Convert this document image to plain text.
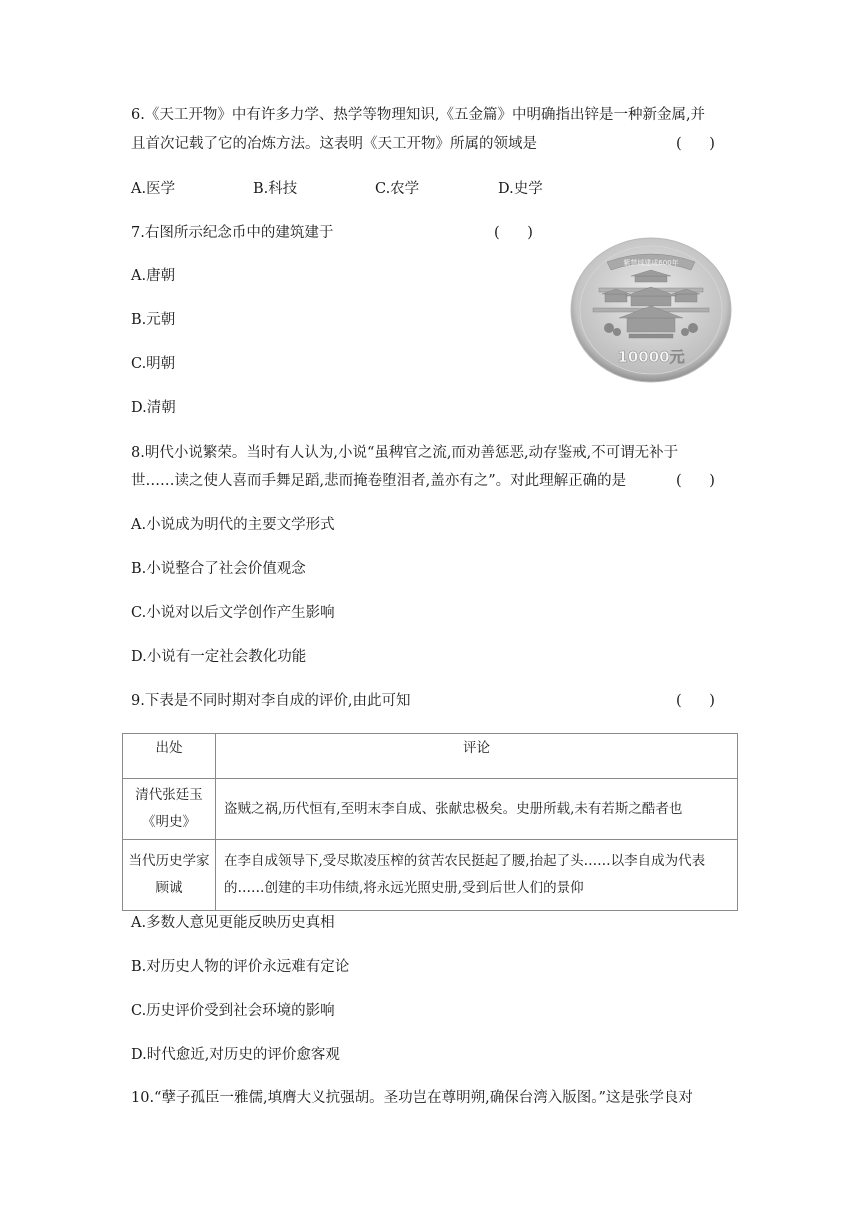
6.《天工开物》中有许多力学、热学等物理知识,《五金篇》中明确指出锌是一种新金属,并
且首次记载了它的冶炼方法。这表明《天工开物》所属的领域是	(      )
A.医学	B.科技	C.农学	D.史学
7.右图所示纪念币中的建筑建于	(      )
A.唐朝
B.元朝
C.明朝
D.清朝
紫禁城建成600年
10000元
8.明代小说繁荣。当时有人认为,小说“虽稗官之流,而劝善惩恶,动存鉴戒,不可谓无补于
世……读之使人喜而手舞足蹈,悲而掩卷堕泪者,盖亦有之”。对此理解正确的是	(      )
A.小说成为明代的主要文学形式
B.小说整合了社会价值观念
C.小说对以后文学创作产生影响
D.小说有一定社会教化功能
9.下表是不同时期对李自成的评价,由此可知	(      )
出处	评论

清代张廷玉
《明史》	盗贼之祸,历代恒有,至明末李自成、张献忠极矣。史册所载,未有若斯之酷者也

当代历史学家
顾诚	在李自成领导下,受尽欺凌压榨的贫苦农民挺起了腰,抬起了头……以李自成为代表
的……创建的丰功伟绩,将永远光照史册,受到后世人们的景仰
A.多数人意见更能反映历史真相
B.对历史人物的评价永远难有定论
C.历史评价受到社会环境的影响
D.时代愈近,对历史的评价愈客观
10.“孽子孤臣一雅儒,填膺大义抗强胡。圣功岂在尊明朔,确保台湾入版图。”这是张学良对
